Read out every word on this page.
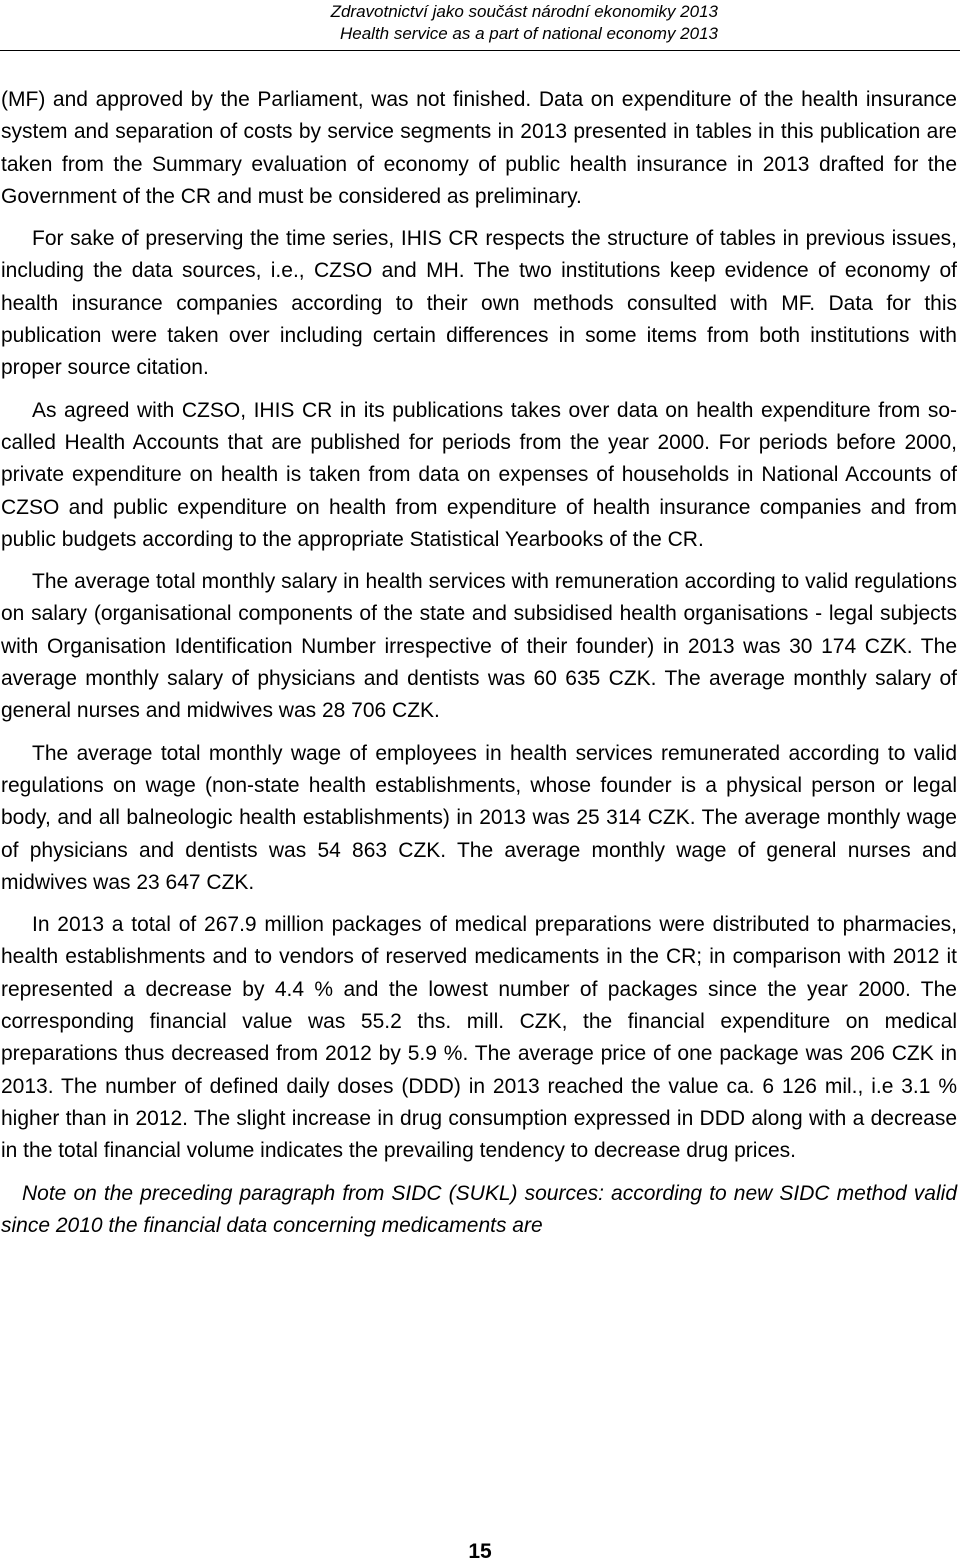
Zdravotnictví jako součást národní ekonomiky 2013
Health service as a part of national economy 2013

(MF) and approved by the Parliament, was not finished. Data on expenditure of the health insurance system and separation of costs by service segments in 2013 presented in tables in this publication are taken from the Summary evaluation of economy of public health insurance in 2013 drafted for the Government of the CR and must be considered as preliminary.

For sake of preserving the time series, IHIS CR respects the structure of tables in previous issues, including the data sources, i.e., CZSO and MH. The two institutions keep evidence of economy of health insurance companies according to their own methods consulted with MF. Data for this publication were taken over including certain differences in some items from both institutions with proper source citation.

As agreed with CZSO, IHIS CR in its publications takes over data on health expenditure from so-called Health Accounts that are published for periods from the year 2000. For periods before 2000, private expenditure on health is taken from data on expenses of households in National Accounts of CZSO and public expenditure on health from expenditure of health insurance companies and from public budgets according to the appropriate Statistical Yearbooks of the CR.

The average total monthly salary in health services with remuneration according to valid regulations on salary (organisational components of the state and subsidised health organisations - legal subjects with Organisation Identification Number irrespective of their founder) in 2013 was 30 174 CZK. The average monthly salary of physicians and dentists was 60 635 CZK. The average monthly salary of general nurses and midwives was 28 706 CZK.

The average total monthly wage of employees in health services remunerated according to valid regulations on wage (non-state health establishments, whose founder is a physical person or legal body, and all balneologic health establishments) in 2013 was 25 314 CZK. The average monthly wage of physicians and dentists was 54 863 CZK. The average monthly wage of general nurses and midwives was 23 647 CZK.

In 2013 a total of 267.9 million packages of medical preparations were distributed to pharmacies, health establishments and to vendors of reserved medicaments in the CR; in comparison with 2012 it represented a decrease by 4.4 % and the lowest number of packages since the year 2000. The corresponding financial value was 55.2 ths. mill. CZK, the financial expenditure on medical preparations thus decreased from 2012 by 5.9 %. The average price of one package was 206 CZK in 2013. The number of defined daily doses (DDD) in 2013 reached the value ca. 6 126 mil., i.e 3.1 % higher than in 2012. The slight increase in drug consumption expressed in DDD along with a decrease in the total financial volume indicates the prevailing tendency to decrease drug prices.

Note on the preceding paragraph from SIDC (SUKL) sources: according to new SIDC method valid since 2010 the financial data concerning medicaments are

15
